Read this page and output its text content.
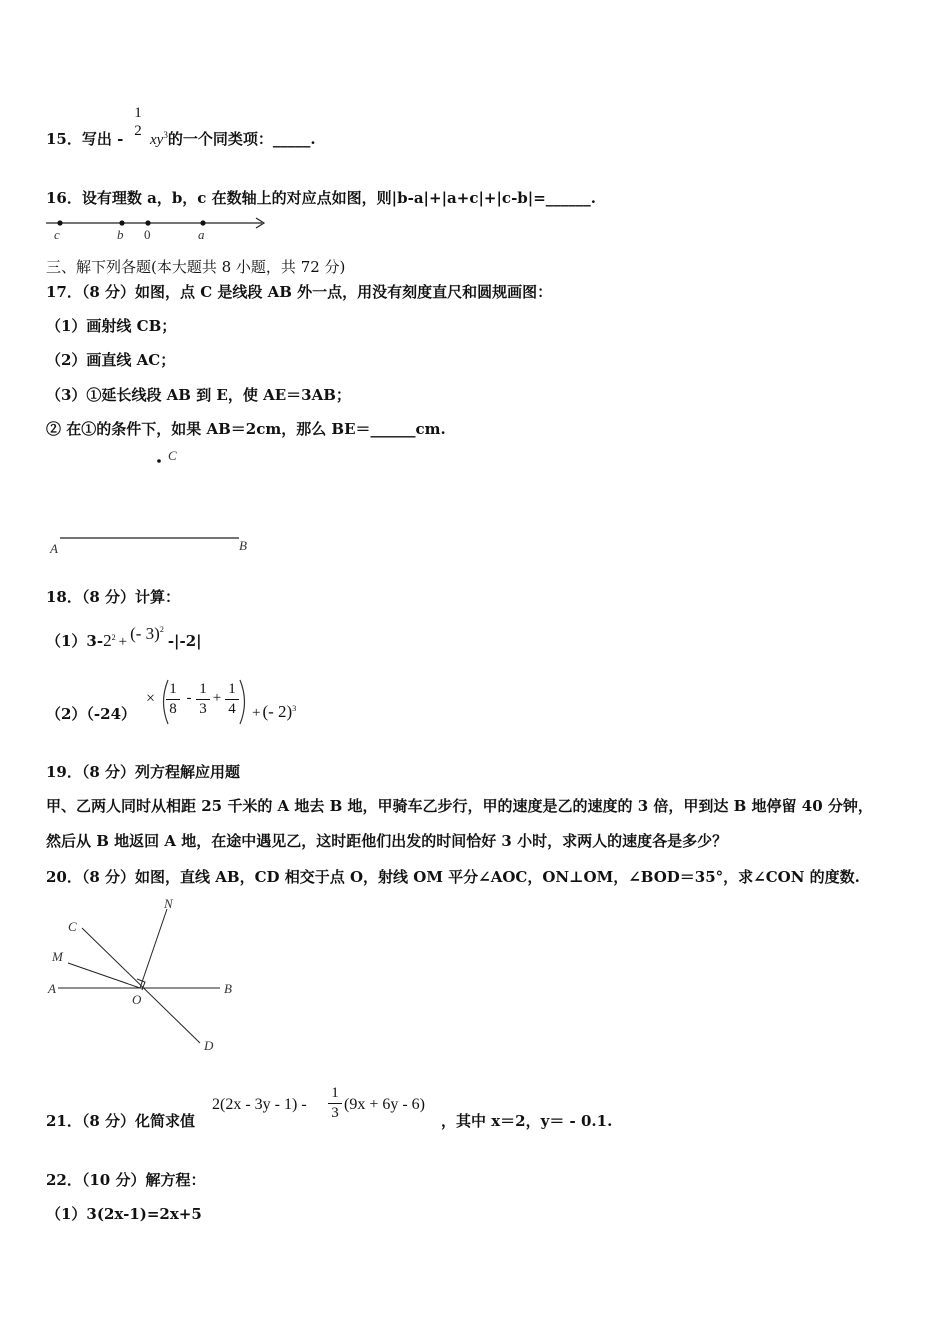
15．写出 -
1
2
$xy^3$的一个同类项：_____.
16．设有理数 a，b，c 在数轴上的对应点如图，则|b-a|+|a+c|+|c-b|=______.
c	b 0	a
三、解下列各题(本大题共 8 小题，共 72 分)
17．（8 分）如图，点 C 是线段 AB 外一点，用没有刻度直尺和圆规画图：
（1）画射线 CB；
（2）画直线 AC；
（3）①延长线段 AB 到 E，使 AE＝3AB；
② 在①的条件下，如果 AB＝2cm，那么 BE＝______cm.
C
A	B
18．（8 分）计算：
$(1)3-2^2$ + (- 3)$^2$-|-2|
（2）（-24）
× $\frac{1}{8} - \frac{1}{3} + \frac{1}{4}$ + (- 2)$^3$
19．（8 分）列方程解应用题
甲、乙两人同时从相距 25 千米的 A 地去 B 地，甲骑车乙步行，甲的速度是乙的速度的 3 倍，甲到达 B 地停留 40 分钟，
然后从 B 地返回 A 地，在途中遇见乙，这时距他们出发的时间恰好 3 小时，求两人的速度各是多少？
20．（8 分）如图，直线 AB，CD 相交于点 O，射线 OM 平分∠AOC，ON⊥OM，∠BOD＝35°，求∠CON 的度数.
N
C
M
A
O
B
D
21．（8 分）化简求值
$2(2x - 3y - 1) - \frac{1}{3} (9x + 6y - 6)$
，其中 x＝2，y＝ - 0.1.
22．（10 分）解方程：
（1）3(2x-1)=2x+5
